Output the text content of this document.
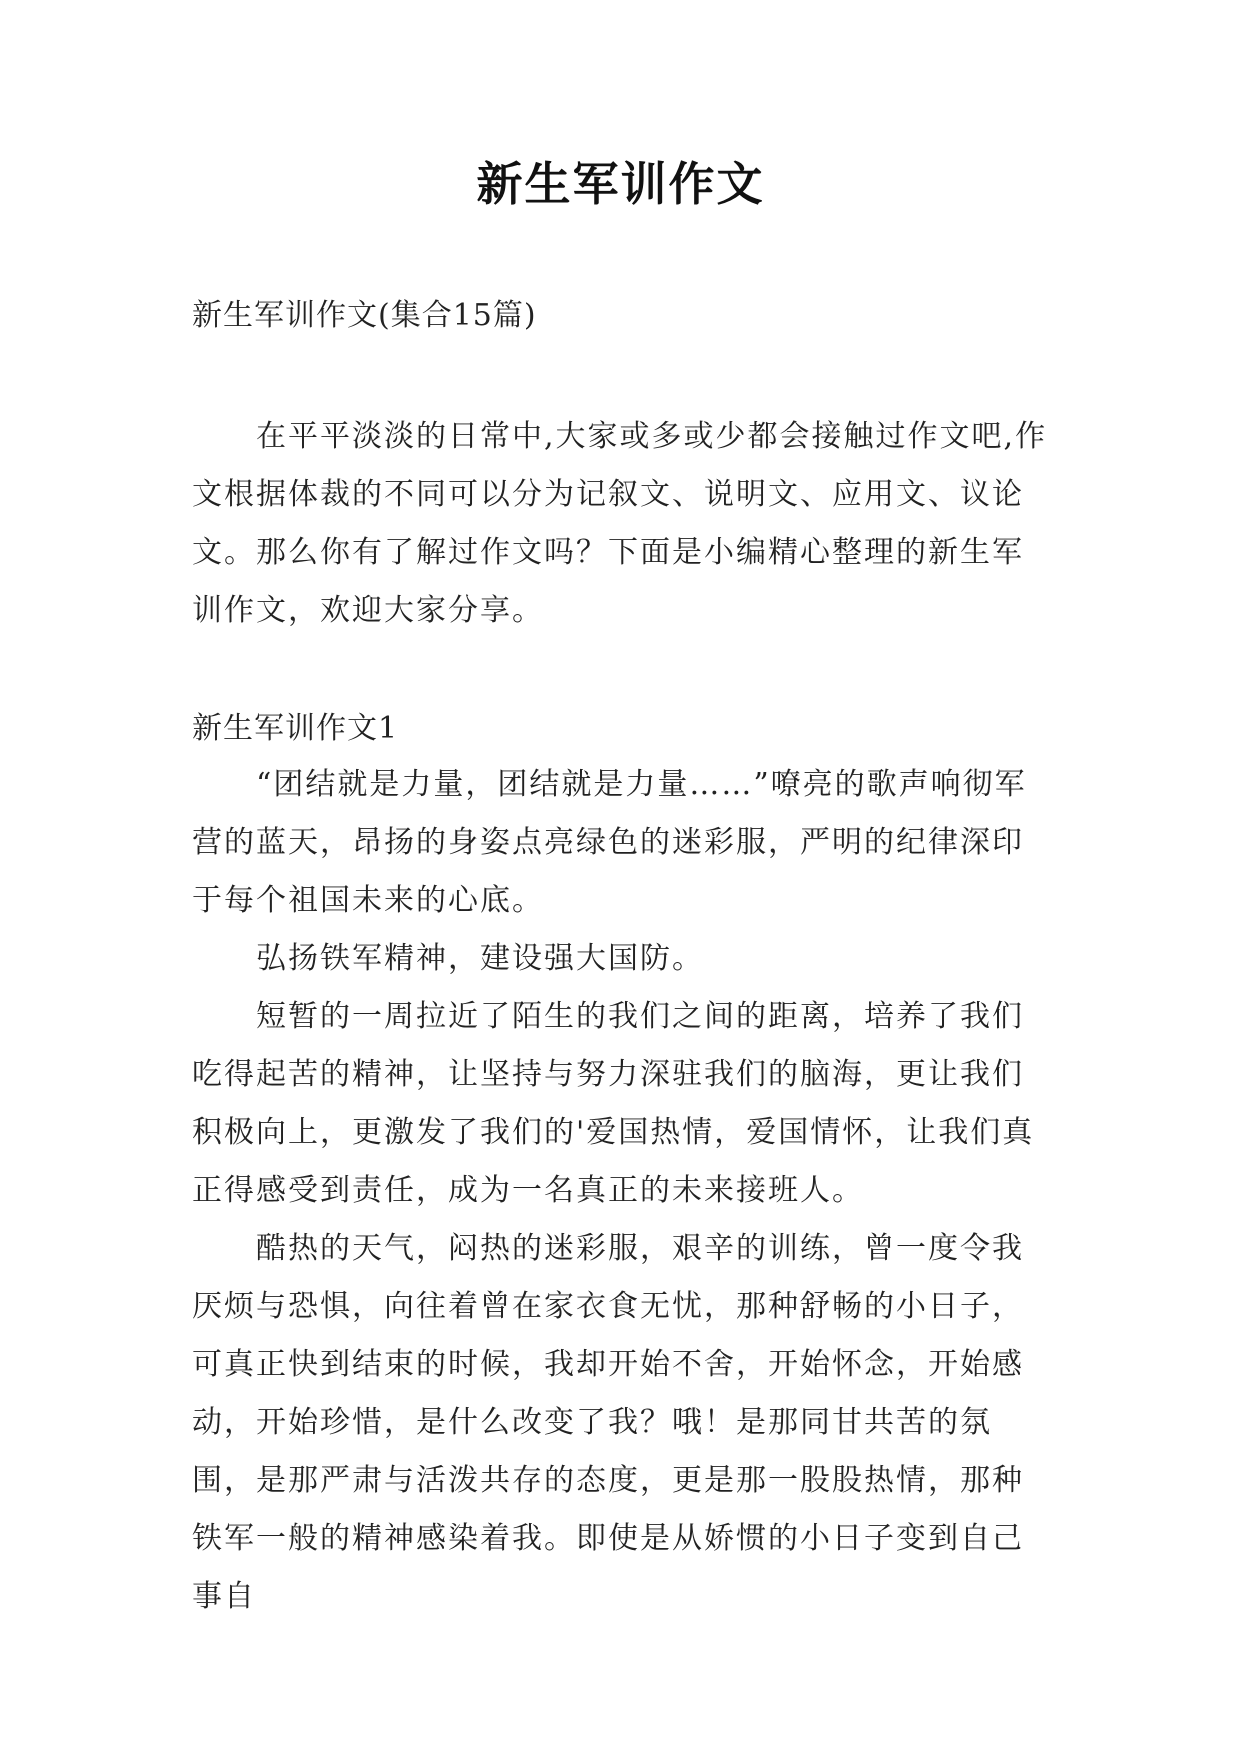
新生军训作文
新生军训作文(集合15篇)

在平平淡淡的日常中,大家或多或少都会接触过作文吧,作文根据体裁的不同可以分为记叙文、说明文、应用文、议论文。那么你有了解过作文吗？下面是小编精心整理的新生军训作文，欢迎大家分享。

新生军训作文1

“团结就是力量，团结就是力量……”嘹亮的歌声响彻军营的蓝天，昂扬的身姿点亮绿色的迷彩服，严明的纪律深印于每个祖国未来的心底。

弘扬铁军精神，建设强大国防。

短暂的一周拉近了陌生的我们之间的距离，培养了我们吃得起苦的精神，让坚持与努力深驻我们的脑海，更让我们积极向上，更激发了我们的'爱国热情，爱国情怀，让我们真正得感受到责任，成为一名真正的未来接班人。

酷热的天气，闷热的迷彩服，艰辛的训练，曾一度令我厌烦与恐惧，向往着曾在家衣食无忧，那种舒畅的小日子，可真正快到结束的时候，我却开始不舍，开始怀念，开始感动，开始珍惜，是什么改变了我？哦！是那同甘共苦的氛围，是那严肃与活泼共存的态度，更是那一股股热情，那种铁军一般的精神感染着我。即使是从娇惯的小日子变到自己事自
